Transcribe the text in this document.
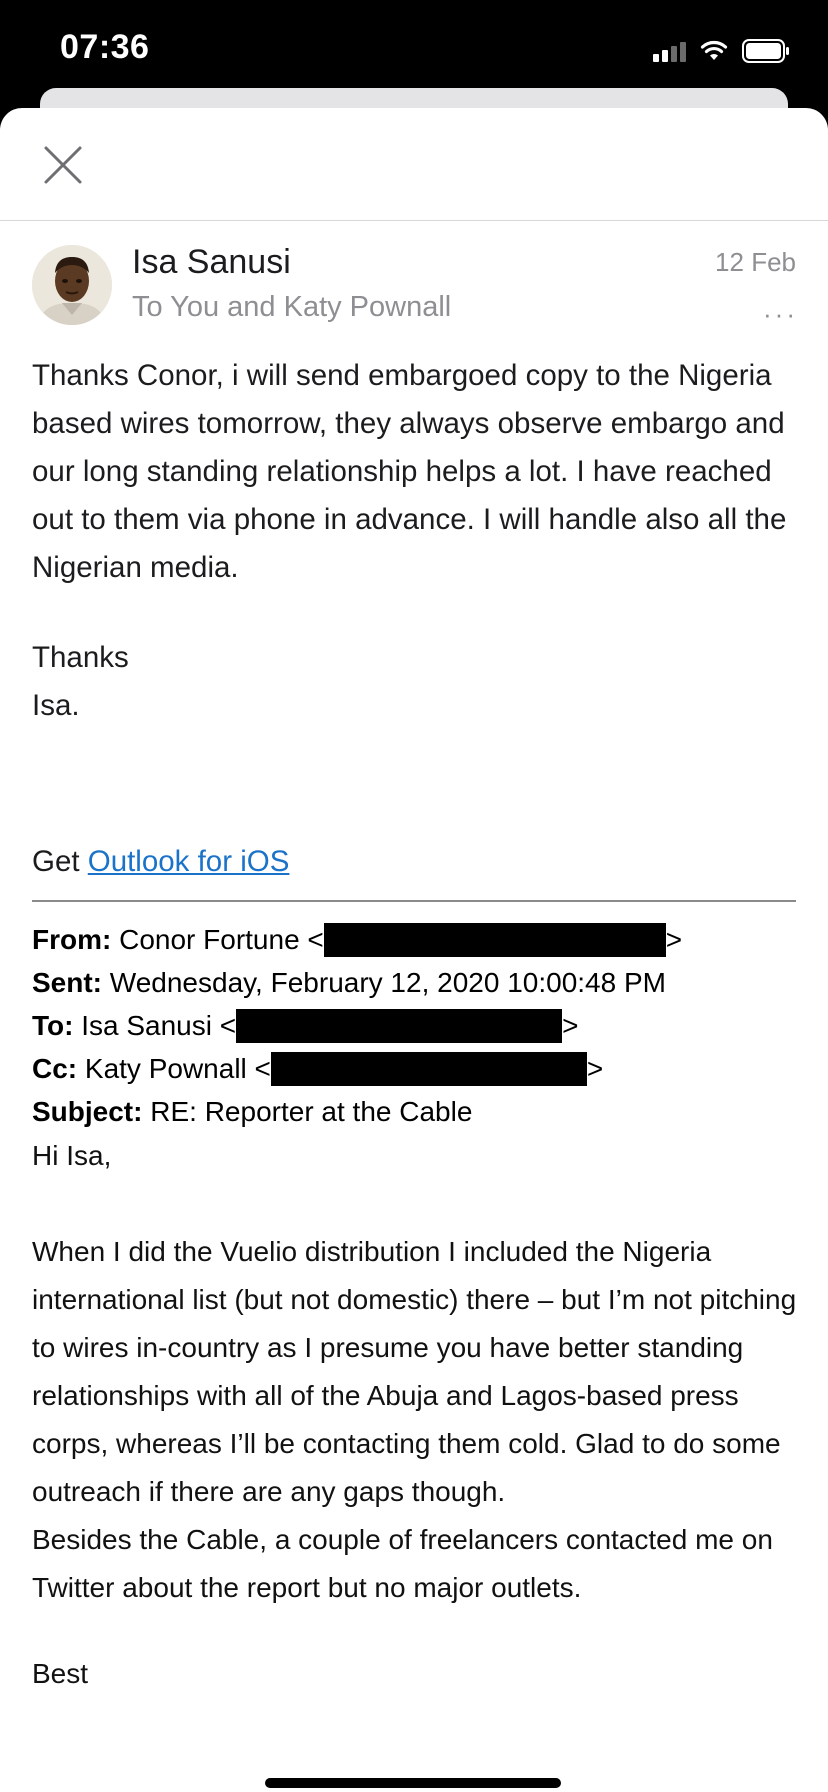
07:36
Isa Sanusi
To You and Katy Pownall
12 Feb
···
Thanks Conor, i will send embargoed copy to the Nigeria based wires tomorrow, they always observe embargo and our long standing relationship helps a lot. I have reached out to them via phone in advance. I will handle also all the Nigerian media.
Thanks
Isa.
Get Outlook for iOS
From: Conor Fortune <	>
Sent: Wednesday, February 12, 2020 10:00:48 PM
To: Isa Sanusi <	>
Cc: Katy Pownall <	>
Subject: RE: Reporter at the Cable
Hi Isa,
When I did the Vuelio distribution I included the Nigeria international list (but not domestic) there – but I’m not pitching to wires in-country as I presume you have better standing relationships with all of the Abuja and Lagos-based press corps, whereas I’ll be contacting them cold. Glad to do some outreach if there are any gaps though.
Besides the Cable, a couple of freelancers contacted me on Twitter about the report but no major outlets.
Best
